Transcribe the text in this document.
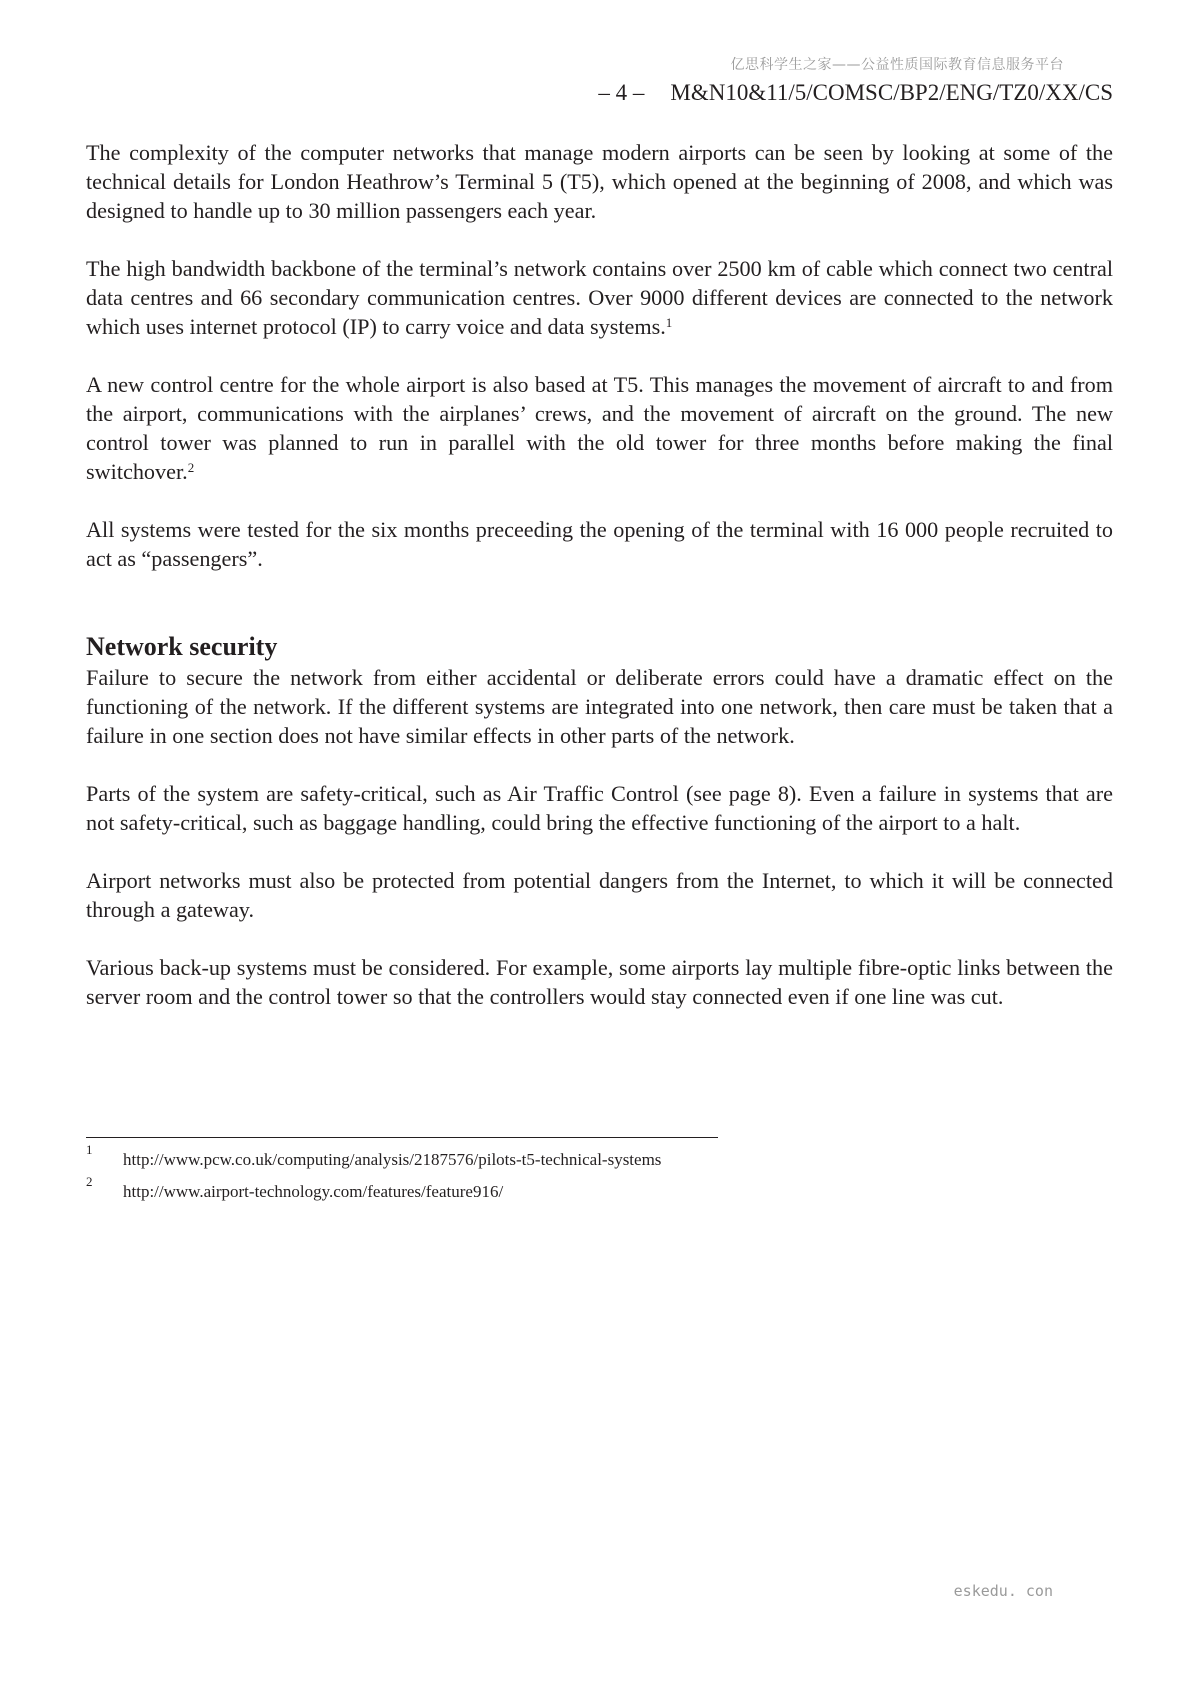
亿思科学生之家——公益性质国际教育信息服务平台
– 4 – M&N10&11/5/COMSC/BP2/ENG/TZ0/XX/CS

The complexity of the computer networks that manage modern airports can be seen by looking at some of the technical details for London Heathrow’s Terminal 5 (T5), which opened at the beginning of 2008, and which was designed to handle up to 30 million passengers each year.

The high bandwidth backbone of the terminal’s network contains over 2500 km of cable which connect two central data centres and 66 secondary communication centres. Over 9000 different devices are connected to the network which uses internet protocol (IP) to carry voice and data systems.$^1$

A new control centre for the whole airport is also based at T5. This manages the movement of aircraft to and from the airport, communications with the airplanes’ crews, and the movement of aircraft on the ground. The new control tower was planned to run in parallel with the old tower for three months before making the final switchover.$^2$

All systems were tested for the six months preceeding the opening of the terminal with 16 000 people recruited to act as “passengers”.

Network security

Failure to secure the network from either accidental or deliberate errors could have a dramatic effect on the functioning of the network. If the different systems are integrated into one network, then care must be taken that a failure in one section does not have similar effects in other parts of the network.

Parts of the system are safety-critical, such as Air Traffic Control (see page 8). Even a failure in systems that are not safety-critical, such as baggage handling, could bring the effective functioning of the airport to a halt.

Airport networks must also be protected from potential dangers from the Internet, to which it will be connected through a gateway.

Various back-up systems must be considered. For example, some airports lay multiple fibre-optic links between the server room and the control tower so that the controllers would stay connected even if one line was cut.

1
http://www.pcw.co.uk/computing/analysis/2187576/pilots-t5-technical-systems
2
http://www.airport-technology.com/features/feature916/
eskedu. con
